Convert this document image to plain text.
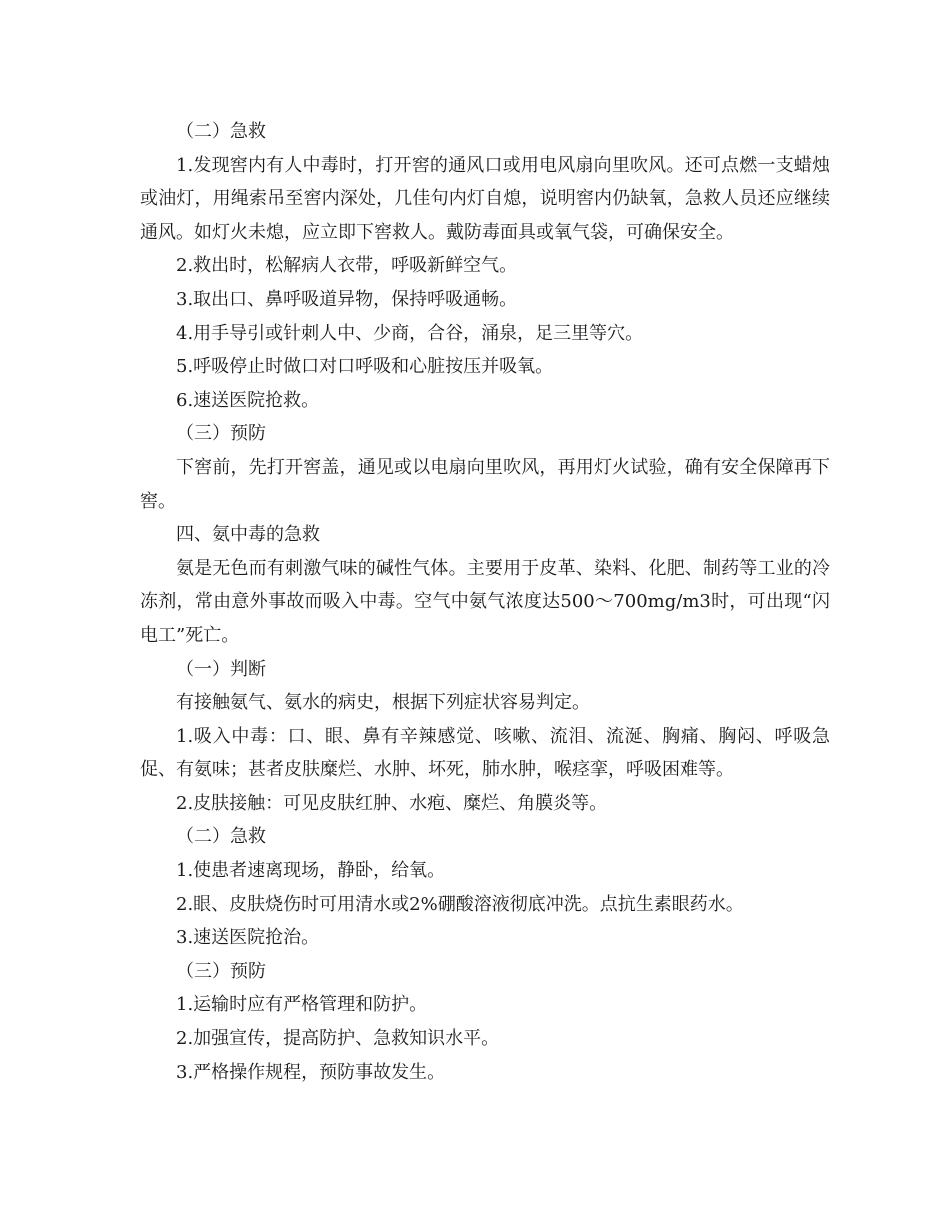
（二）急救

1.发现窖内有人中毒时，打开窖的通风口或用电风扇向里吹风。还可点燃一支蜡烛或油灯，用绳索吊至窖内深处，几佳句内灯自熄，说明窖内仍缺氧，急救人员还应继续通风。如灯火未熄，应立即下窖救人。戴防毒面具或氧气袋，可确保安全。

2.救出时，松解病人衣带，呼吸新鲜空气。

3.取出口、鼻呼吸道异物，保持呼吸通畅。

4.用手导引或针刺人中、少商，合谷，涌泉，足三里等穴。

5.呼吸停止时做口对口呼吸和心脏按压并吸氧。

6.速送医院抢救。

（三）预防

下窖前，先打开窖盖，通见或以电扇向里吹风，再用灯火试验，确有安全保障再下窖。

四、氨中毒的急救

氨是无色而有刺激气味的碱性气体。主要用于皮革、染料、化肥、制药等工业的冷冻剂，常由意外事故而吸入中毒。空气中氨气浓度达500～700mg/m3时，可出现“闪电工”死亡。

（一）判断

有接触氨气、氨水的病史，根据下列症状容易判定。

1.吸入中毒：口、眼、鼻有辛辣感觉、咳嗽、流泪、流涎、胸痛、胸闷、呼吸急促、有氨味；甚者皮肤糜烂、水肿、坏死，肺水肿，喉痉挛，呼吸困难等。

2.皮肤接触：可见皮肤红肿、水疱、糜烂、角膜炎等。

（二）急救

1.使患者速离现场，静卧，给氧。

2.眼、皮肤烧伤时可用清水或2%硼酸溶液彻底冲洗。点抗生素眼药水。

3.速送医院抢治。

（三）预防

1.运输时应有严格管理和防护。

2.加强宣传，提高防护、急救知识水平。

3.严格操作规程，预防事故发生。
